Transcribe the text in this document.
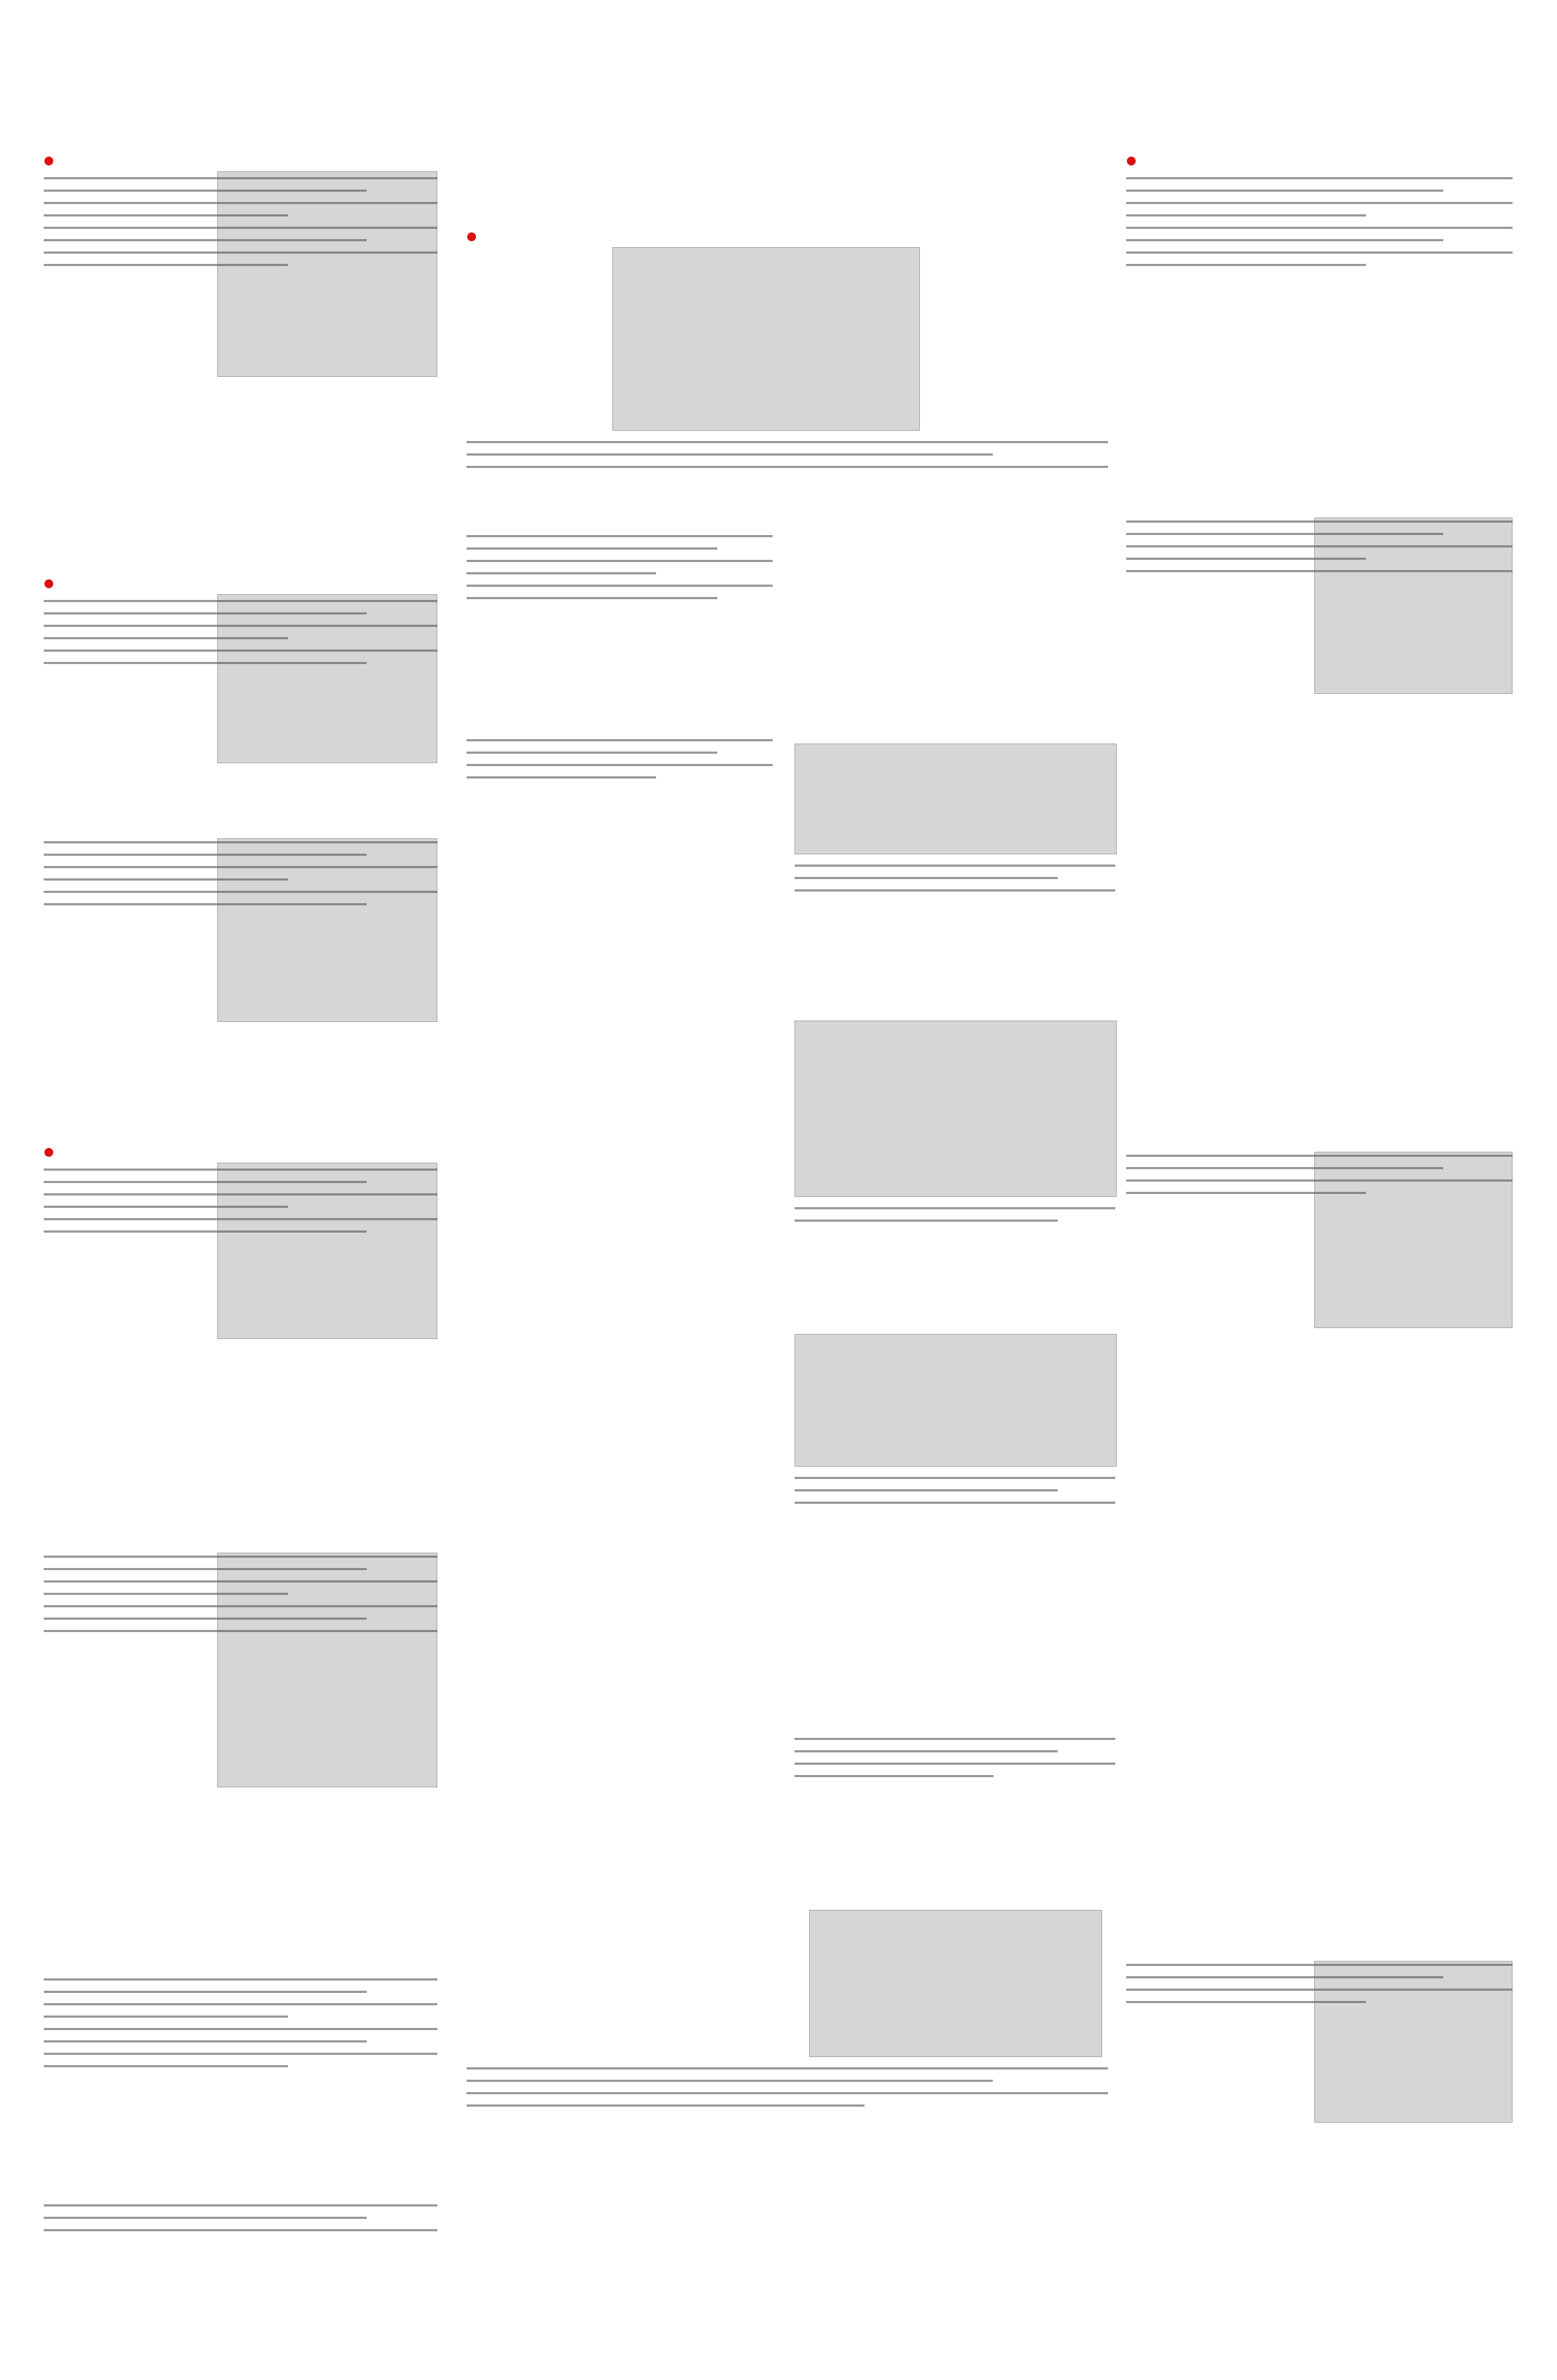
●
●
●
●
●
